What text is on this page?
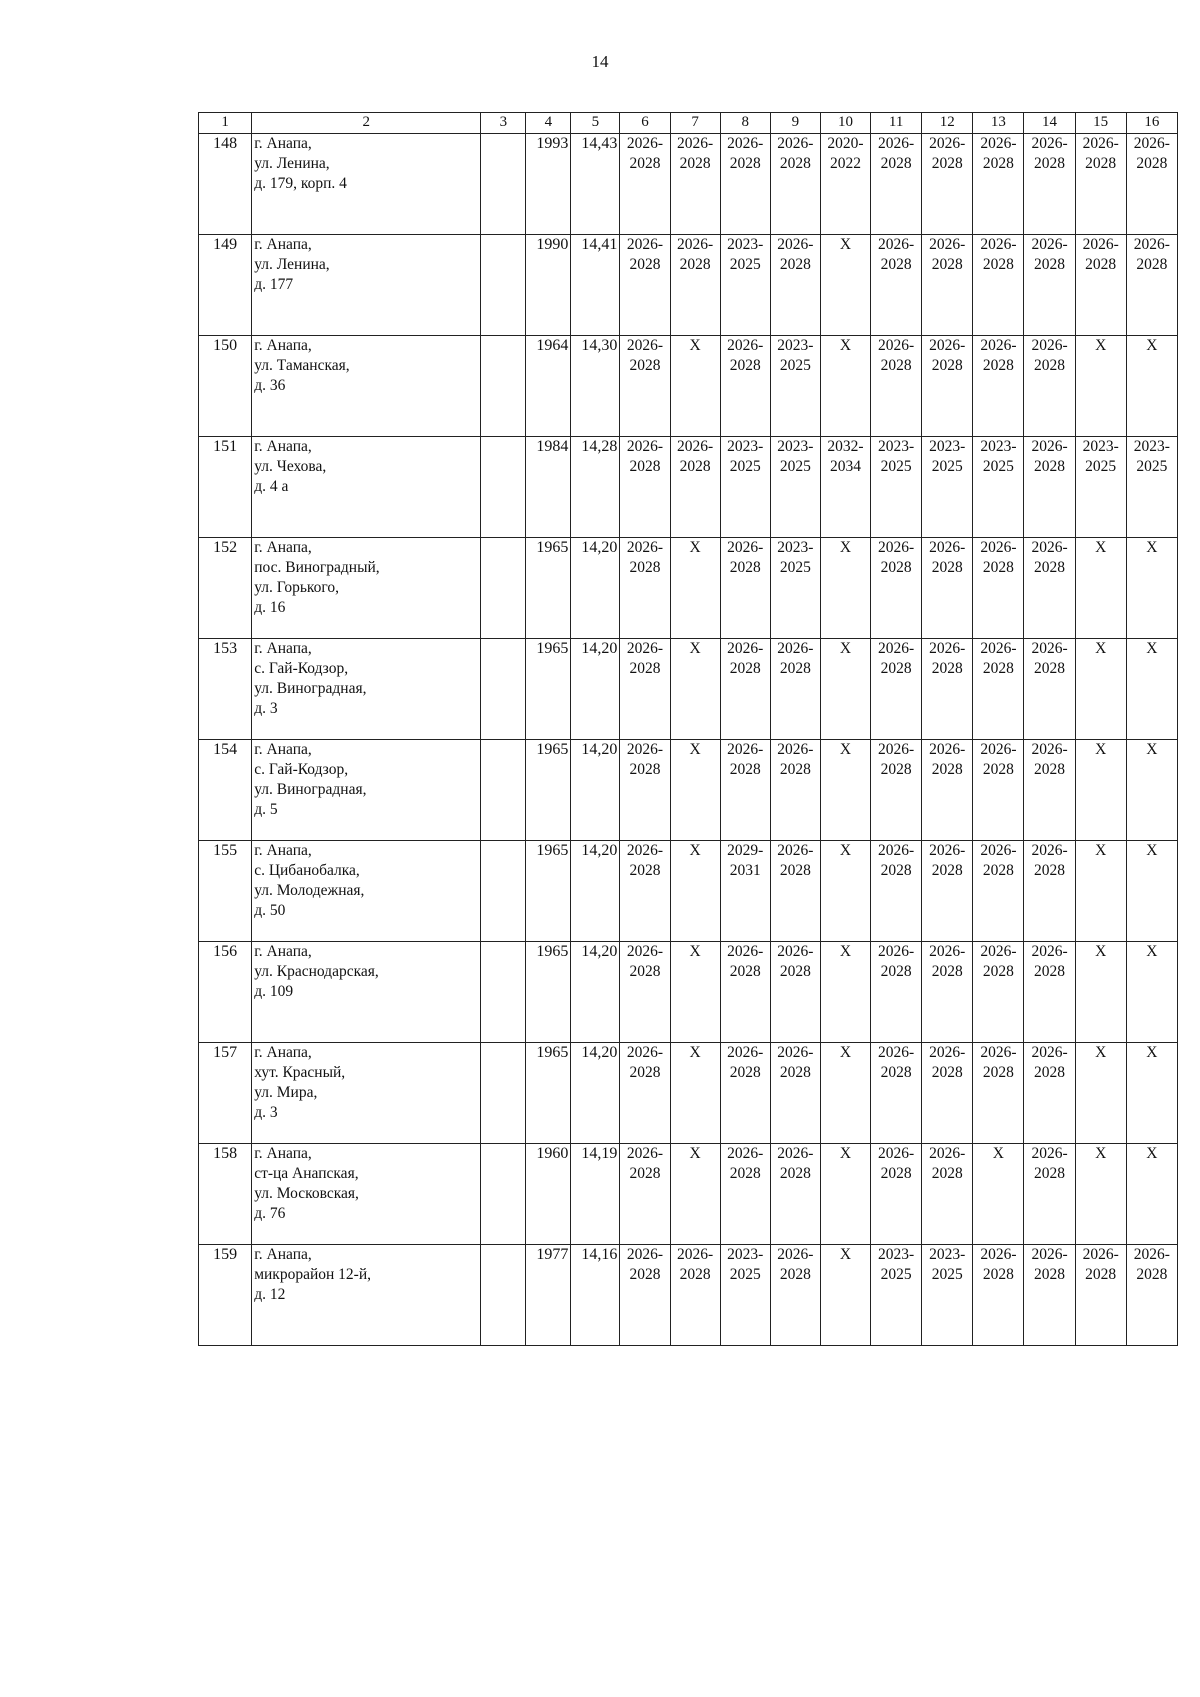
14
1	2	3	4	5	6	7	8	9	10	11	12	13	14	15	16
148	г. Анапа,
ул. Ленина,
д. 179, корп. 4		1993	14,43	2026-
2028	2026-
2028	2026-
2028	2026-
2028	2020-
2022	2026-
2028	2026-
2028	2026-
2028	2026-
2028	2026-
2028	2026-
2028
149	г. Анапа,
ул. Ленина,
д. 177		1990	14,41	2026-
2028	2026-
2028	2023-
2025	2026-
2028	Х	2026-
2028	2026-
2028	2026-
2028	2026-
2028	2026-
2028	2026-
2028
150	г. Анапа,
ул. Таманская,
д. 36		1964	14,30	2026-
2028	Х	2026-
2028	2023-
2025	Х	2026-
2028	2026-
2028	2026-
2028	2026-
2028	Х	Х
151	г. Анапа,
ул. Чехова,
д. 4 а		1984	14,28	2026-
2028	2026-
2028	2023-
2025	2023-
2025	2032-
2034	2023-
2025	2023-
2025	2023-
2025	2026-
2028	2023-
2025	2023-
2025
152	г. Анапа,
пос. Виноградный,
ул. Горького,
д. 16		1965	14,20	2026-
2028	Х	2026-
2028	2023-
2025	Х	2026-
2028	2026-
2028	2026-
2028	2026-
2028	Х	Х
153	г. Анапа,
с. Гай-Кодзор,
ул. Виноградная,
д. 3		1965	14,20	2026-
2028	Х	2026-
2028	2026-
2028	Х	2026-
2028	2026-
2028	2026-
2028	2026-
2028	Х	Х
154	г. Анапа,
с. Гай-Кодзор,
ул. Виноградная,
д. 5		1965	14,20	2026-
2028	Х	2026-
2028	2026-
2028	Х	2026-
2028	2026-
2028	2026-
2028	2026-
2028	Х	Х
155	г. Анапа,
с. Цибанобалка,
ул. Молодежная,
д. 50		1965	14,20	2026-
2028	Х	2029-
2031	2026-
2028	Х	2026-
2028	2026-
2028	2026-
2028	2026-
2028	Х	Х
156	г. Анапа,
ул. Краснодарская,
д. 109		1965	14,20	2026-
2028	Х	2026-
2028	2026-
2028	Х	2026-
2028	2026-
2028	2026-
2028	2026-
2028	Х	Х
157	г. Анапа,
хут. Красный,
ул. Мира,
д. 3		1965	14,20	2026-
2028	Х	2026-
2028	2026-
2028	Х	2026-
2028	2026-
2028	2026-
2028	2026-
2028	Х	Х
158	г. Анапа,
ст-ца Анапская,
ул. Московская,
д. 76		1960	14,19	2026-
2028	Х	2026-
2028	2026-
2028	Х	2026-
2028	2026-
2028	Х	2026-
2028	Х	Х
159	г. Анапа,
микрорайон 12-й,
д. 12		1977	14,16	2026-
2028	2026-
2028	2023-
2025	2026-
2028	Х	2023-
2025	2023-
2025	2026-
2028	2026-
2028	2026-
2028	2026-
2028
